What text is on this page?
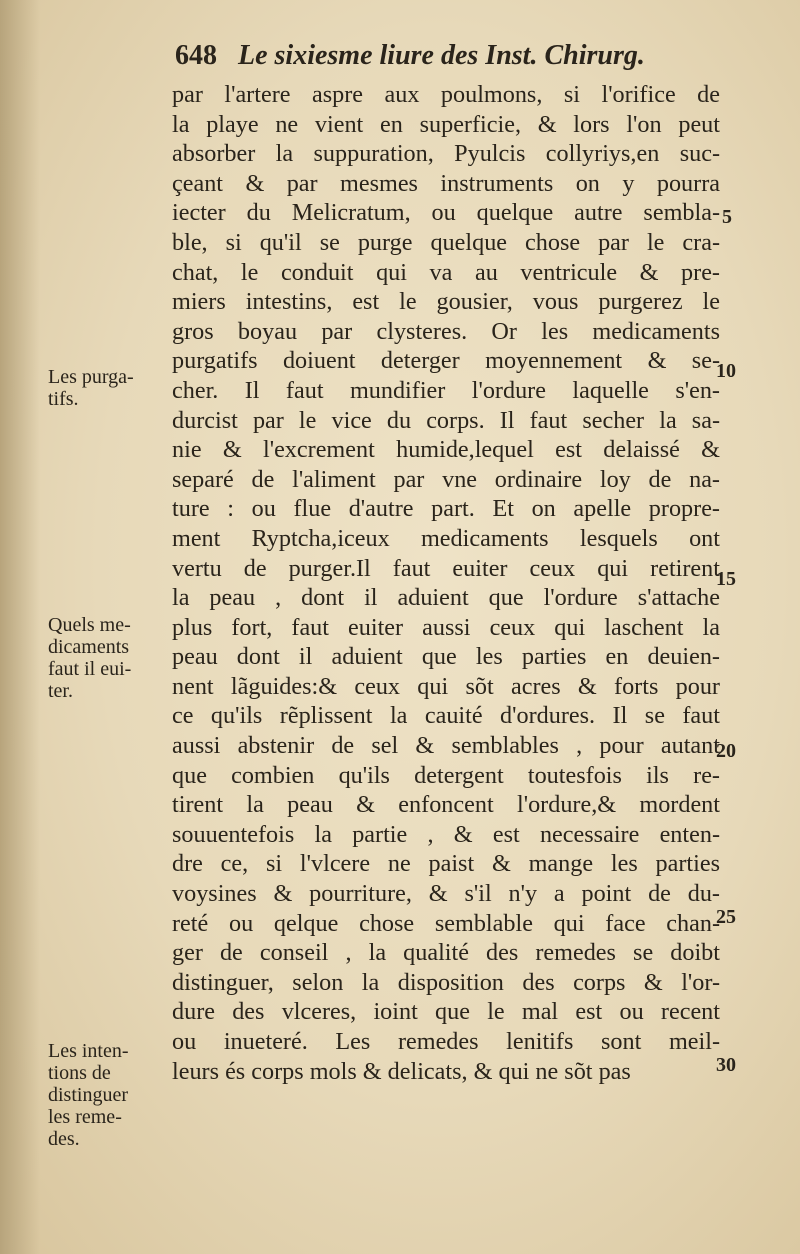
648 Le sixiesme liure des Inst. Chirurg.
par l'artere aspre aux poulmons, si l'orifice de
la playe ne vient en superficie, & lors l'on peut
absorber la suppuration, Pyulcis collyriys,en suc-
çeant & par mesmes instruments on y pourra
iecter du Melicratum, ou quelque autre sembla-
ble, si qu'il se purge quelque chose par le cra-
chat, le conduit qui va au ventricule & pre-
miers intestins, est le gousier, vous purgerez le
gros boyau par clysteres. Or les medicaments
purgatifs doiuent deterger moyennement & se-
cher. Il faut mundifier l'ordure laquelle s'en-
durcist par le vice du corps. Il faut secher la sa-
nie & l'excrement humide,lequel est delaissé &
separé de l'aliment par vne ordinaire loy de na-
ture : ou flue d'autre part. Et on apelle propre-
ment Ryptcha,iceux medicaments lesquels ont
vertu de purger.Il faut euiter ceux qui retirent
la peau , dont il aduient que l'ordure s'attache
plus fort, faut euiter aussi ceux qui laschent la
peau dont il aduient que les parties en deuien-
nent lãguides:& ceux qui sõt acres & forts pour
ce qu'ils rẽplissent la cauité d'ordures. Il se faut
aussi abstenir de sel & semblables , pour autant
que combien qu'ils detergent toutesfois ils re-
tirent la peau & enfoncent l'ordure,& mordent
souuentefois la partie , & est necessaire enten-
dre ce, si l'vlcere ne paist & mange les parties
voysines & pourriture, & s'il n'y a point de du-
reté ou qelque chose semblable qui face chan-
ger de conseil , la qualité des remedes se doibt
distinguer, selon la disposition des corps & l'or-
dure des vlceres, ioint que le mal est ou recent
ou inueteré. Les remedes lenitifs sont meil-
leurs és corps mols & delicats, & qui ne sõt pas
Les purga-
tifs.
Quels me-
dicaments
faut il eui-
ter.
Les inten-
tions de
distinguer
les reme-
des.
5
10
15
20
25
30
